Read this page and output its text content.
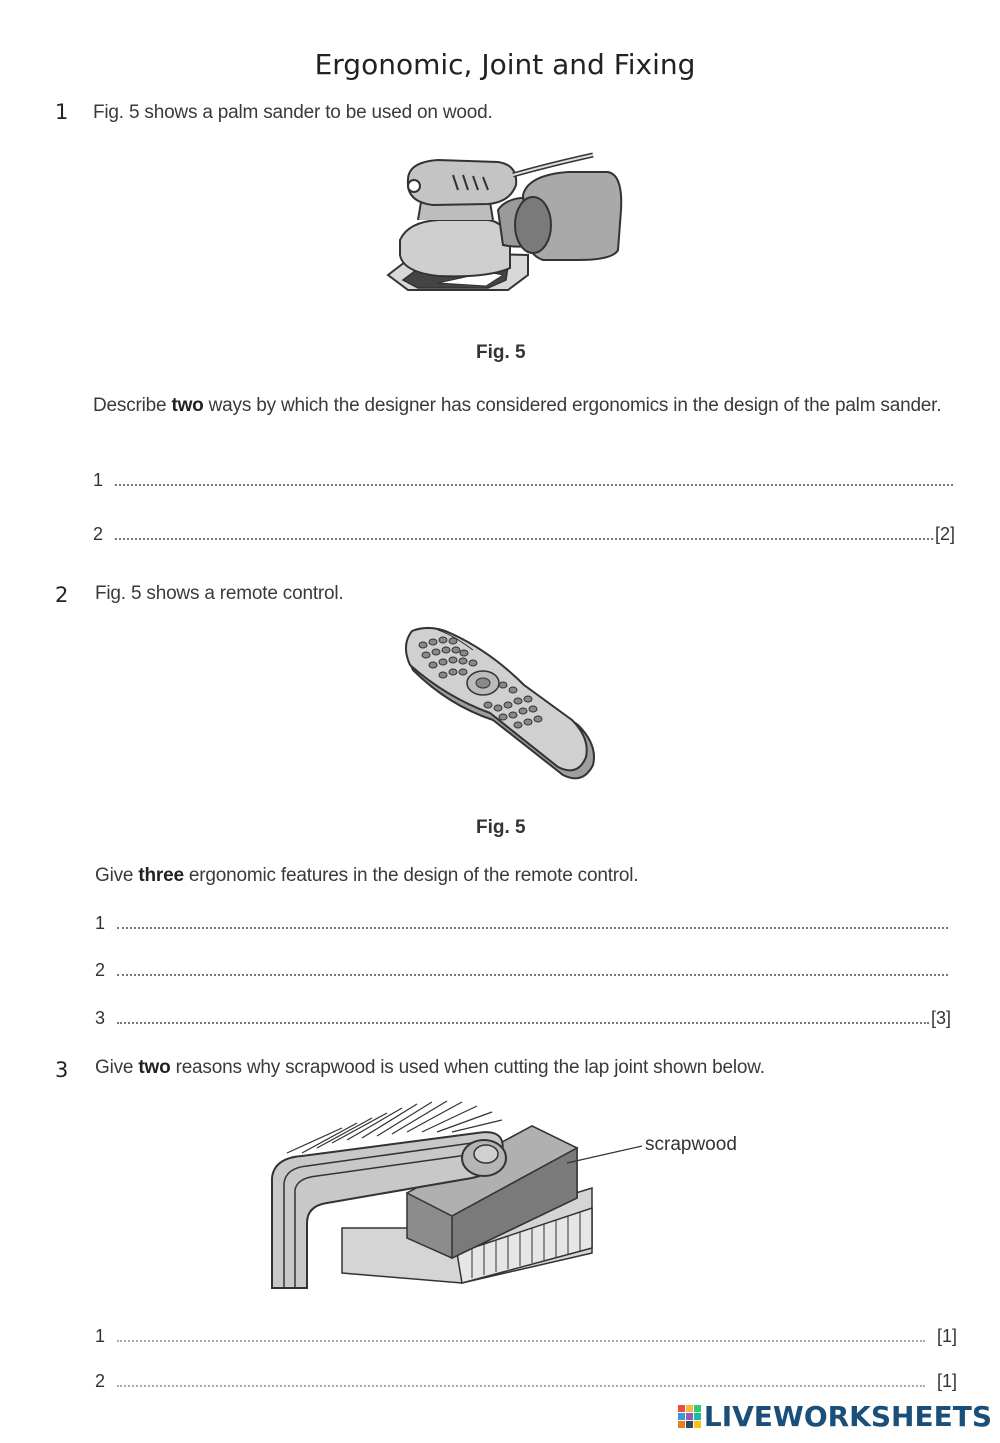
Ergonomic, Joint and Fixing
1 Fig. 5 shows a palm sander to be used on wood.
Fig. 5
Describe two ways by which the designer has considered ergonomics in the design of the palm sander.
1
2	[2]
2 Fig. 5 shows a remote control.
Fig. 5
Give three ergonomic features in the design of the remote control.
1
2
3	[3]
3 Give two reasons why scrapwood is used when cutting the lap joint shown below.
scrapwood
1	[1]
2	[1]
LIVEWORKSHEETS
